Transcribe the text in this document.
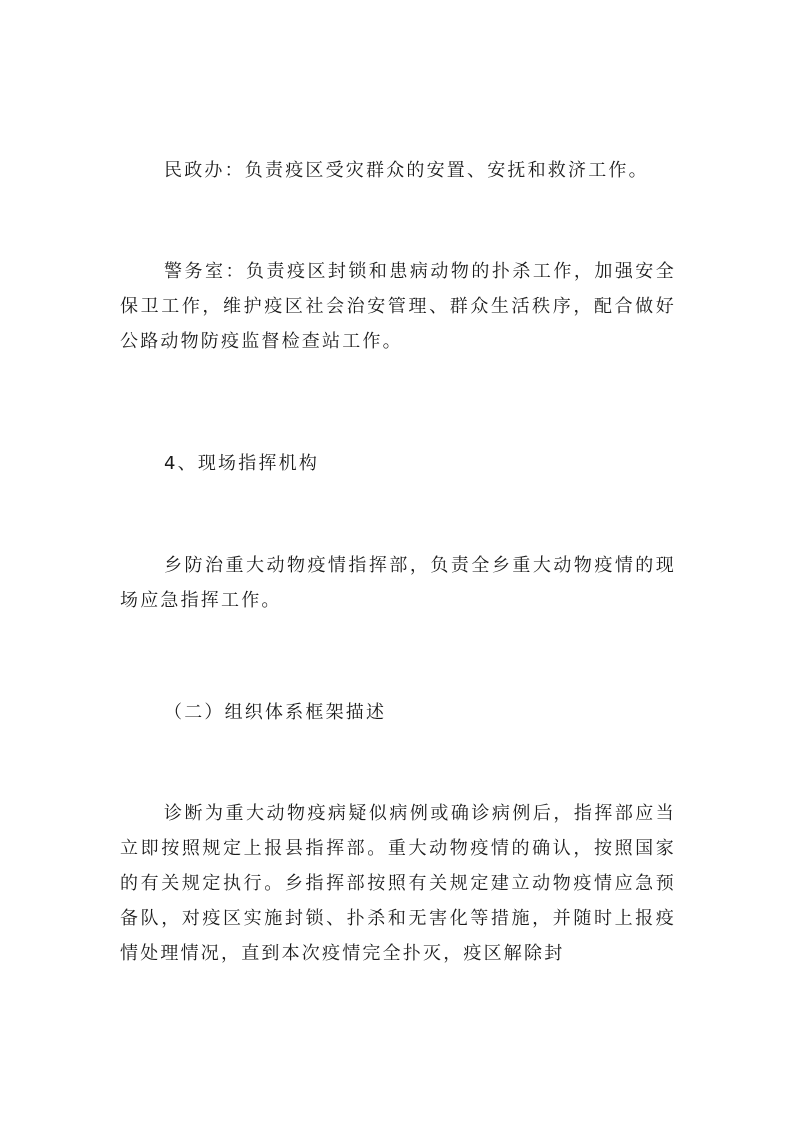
民政办：负责疫区受灾群众的安置、安抚和救济工作。

警务室：负责疫区封锁和患病动物的扑杀工作，加强安全保卫工作，维护疫区社会治安管理、群众生活秩序，配合做好公路动物防疫监督检查站工作。

4、现场指挥机构

乡防治重大动物疫情指挥部，负责全乡重大动物疫情的现场应急指挥工作。

（二）组织体系框架描述

诊断为重大动物疫病疑似病例或确诊病例后，指挥部应当立即按照规定上报县指挥部。重大动物疫情的确认，按照国家的有关规定执行。乡指挥部按照有关规定建立动物疫情应急预备队，对疫区实施封锁、扑杀和无害化等措施，并随时上报疫情处理情况，直到本次疫情完全扑灭，疫区解除封
